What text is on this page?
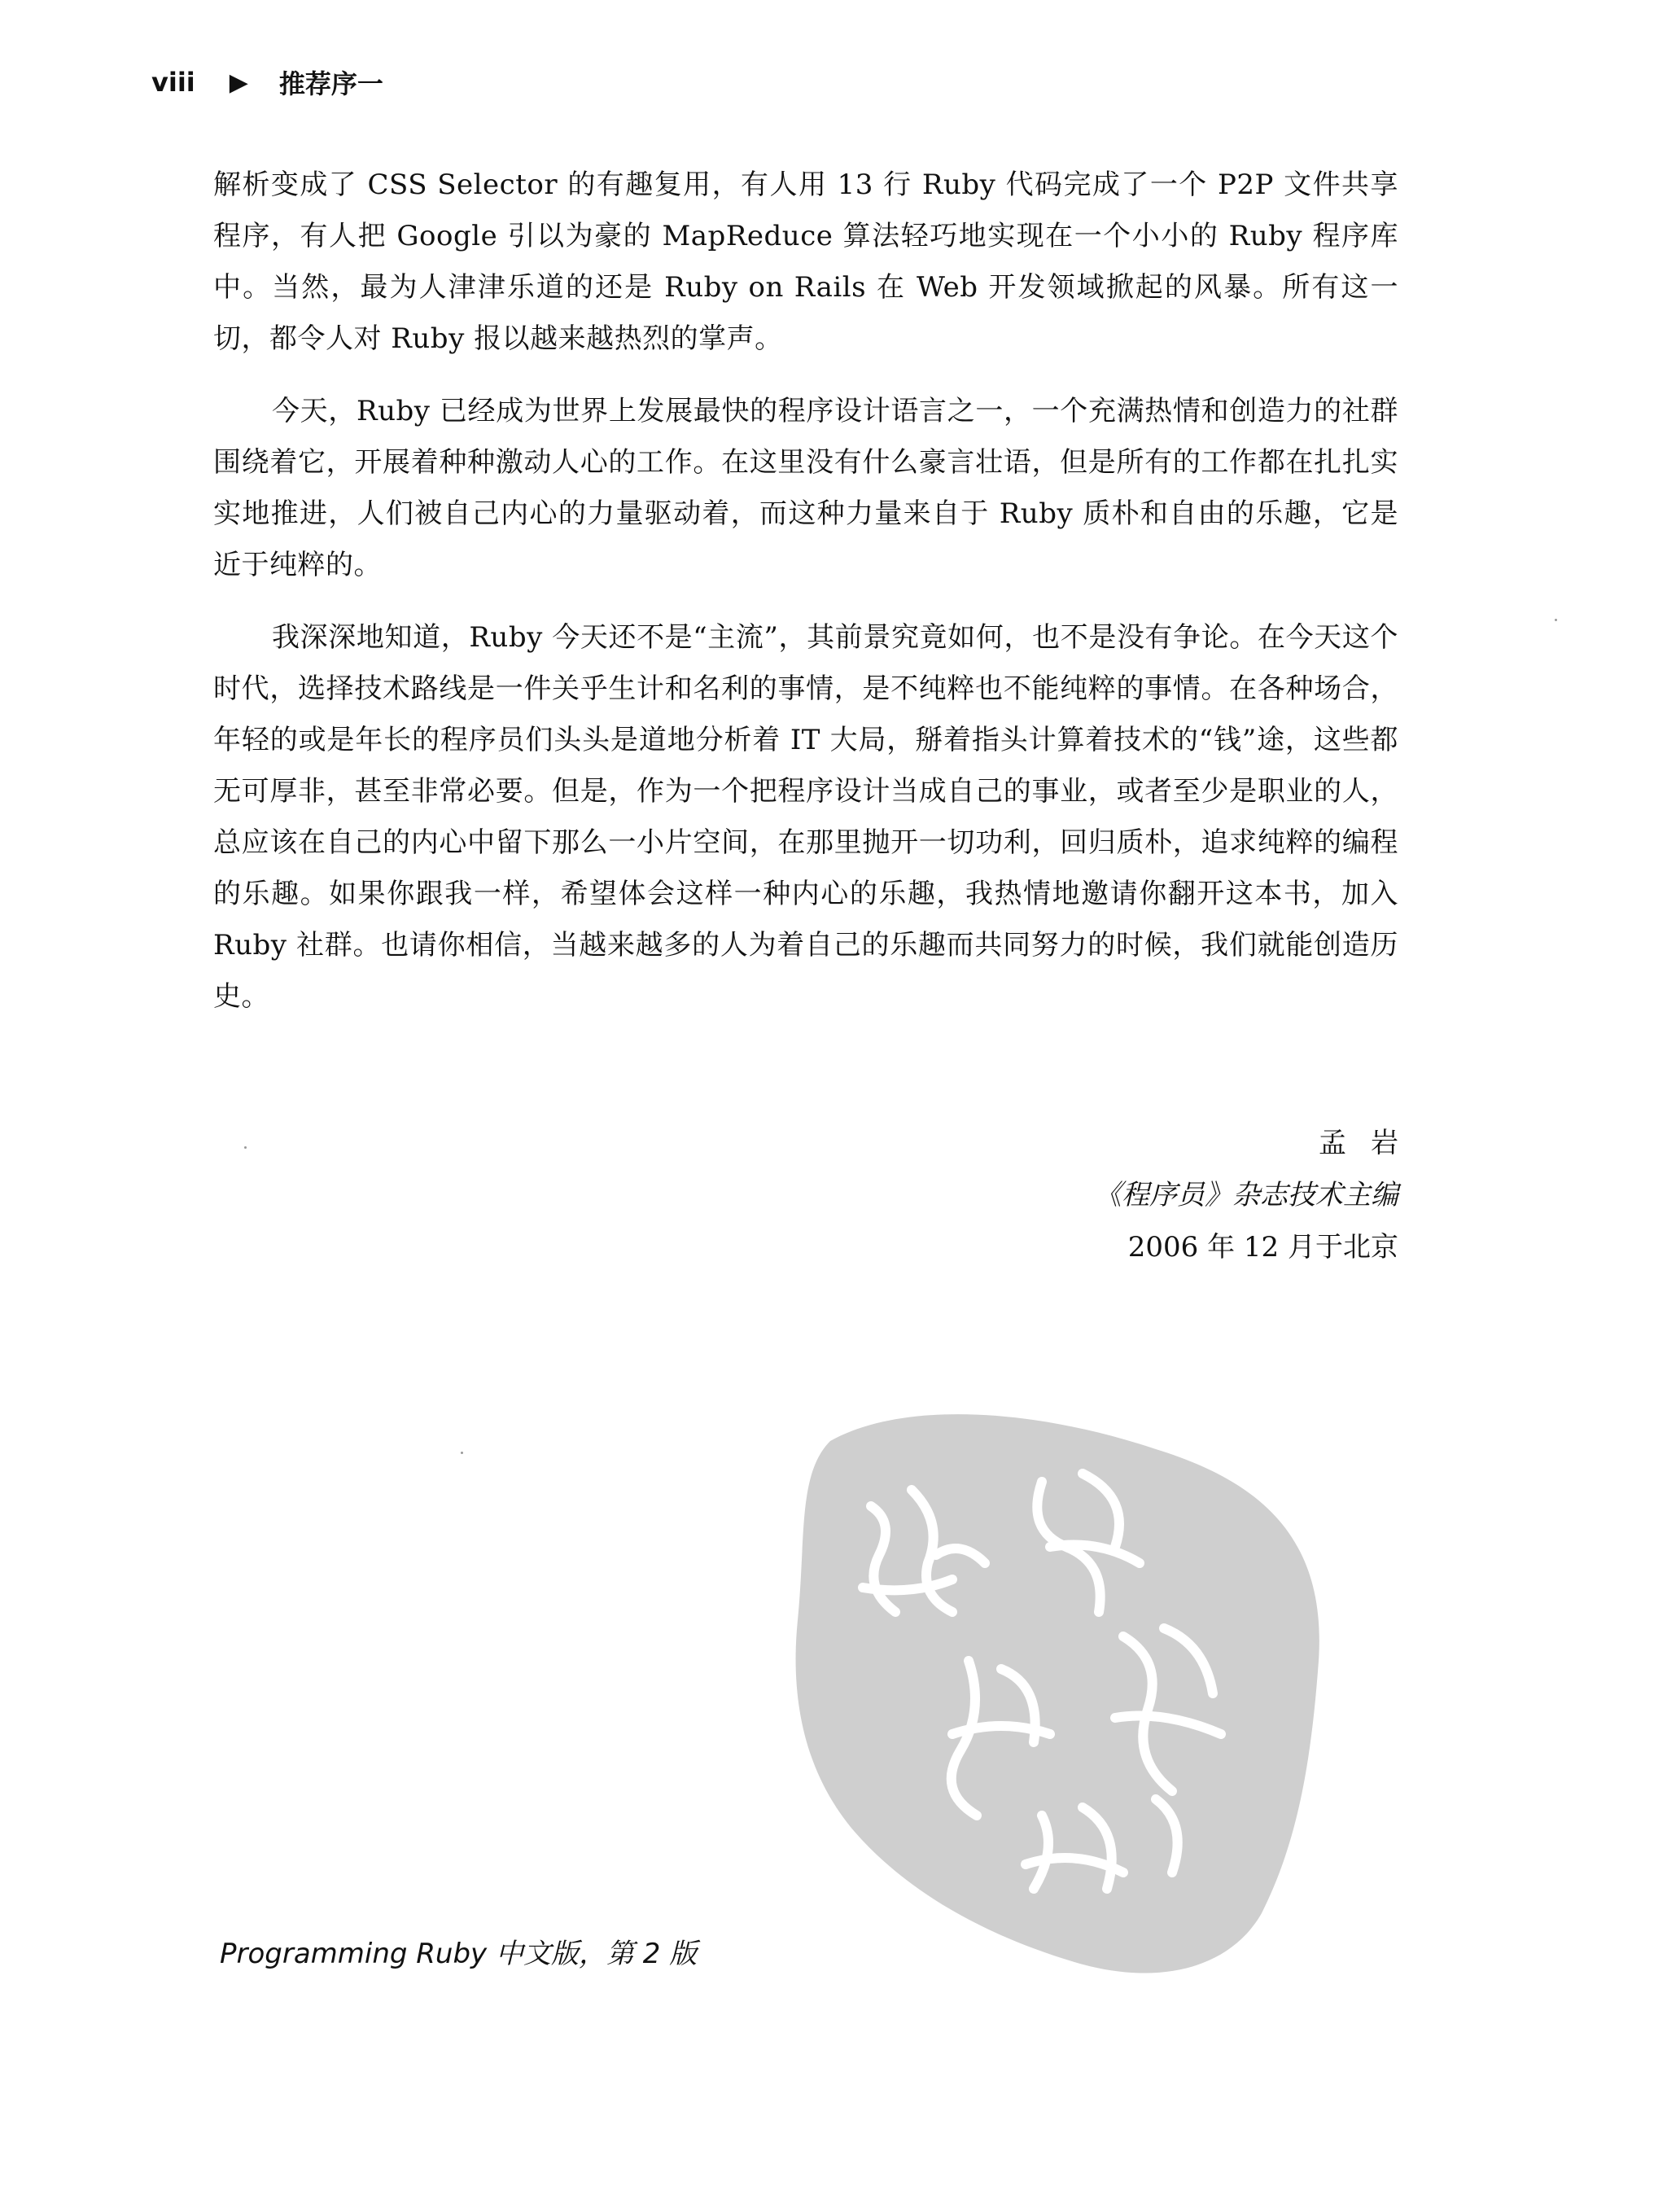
viii ▶ 推荐序一

解析变成了 CSS Selector 的有趣复用，有人用 13 行 Ruby 代码完成了一个 P2P 文件共享程序，有人把 Google 引以为豪的 MapReduce 算法轻巧地实现在一个小小的 Ruby 程序库中。当然，最为人津津乐道的还是 Ruby on Rails 在 Web 开发领域掀起的风暴。所有这一切，都令人对 Ruby 报以越来越热烈的掌声。

今天，Ruby 已经成为世界上发展最快的程序设计语言之一，一个充满热情和创造力的社群围绕着它，开展着种种激动人心的工作。在这里没有什么豪言壮语，但是所有的工作都在扎扎实实地推进，人们被自己内心的力量驱动着，而这种力量来自于 Ruby 质朴和自由的乐趣，它是近于纯粹的。

我深深地知道，Ruby 今天还不是“主流”，其前景究竟如何，也不是没有争论。在今天这个时代，选择技术路线是一件关乎生计和名利的事情，是不纯粹也不能纯粹的事情。在各种场合，年轻的或是年长的程序员们头头是道地分析着 IT 大局，掰着指头计算着技术的“钱”途，这些都无可厚非，甚至非常必要。但是，作为一个把程序设计当成自己的事业，或者至少是职业的人，总应该在自己的内心中留下那么一小片空间，在那里抛开一切功利，回归质朴，追求纯粹的编程的乐趣。如果你跟我一样，希望体会这样一种内心的乐趣，我热情地邀请你翻开这本书，加入 Ruby 社群。也请你相信，当越来越多的人为着自己的乐趣而共同努力的时候，我们就能创造历史。

孟岩
《程序员》杂志技术主编
2006 年 12 月于北京
Programming Ruby 中文版，第 2 版
